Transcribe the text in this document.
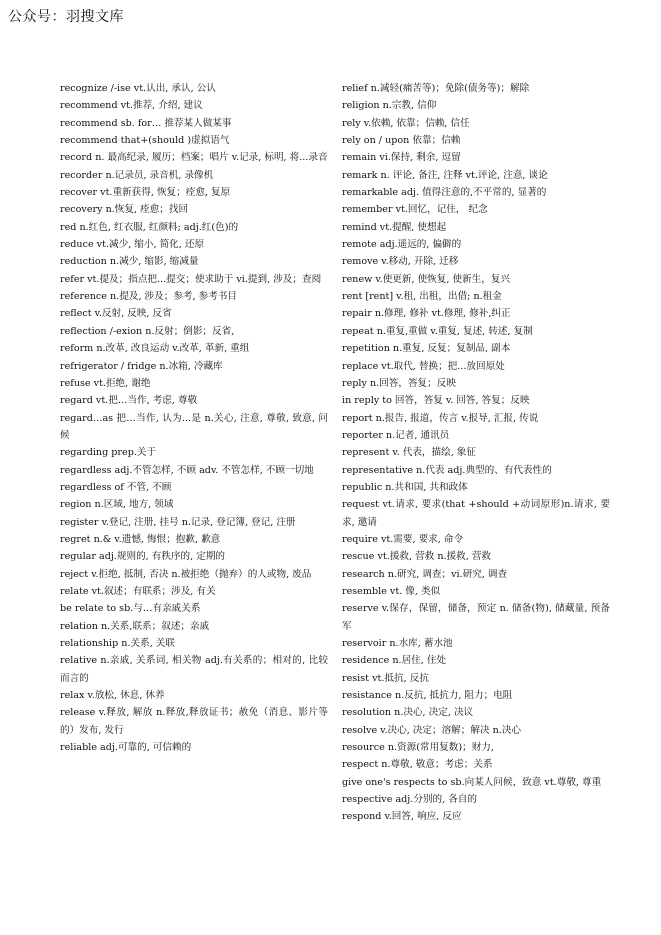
公众号：羽搜文库
recognize /-ise vt.认出, 承认, 公认
recommend vt.推荐, 介绍, 建议
recommend sb. for… 推荐某人做某事
recommend that+(should )虚拟语气
record n. 最高纪录, 履历；档案；唱片 v.记录, 标明, 将...录音
recorder n.记录员, 录音机, 录像机
recover vt.重新获得, 恢复；痊愈, 复原
recovery n.恢复, 痊愈；找回
red n.红色, 红衣服, 红颜料; adj.红(色)的
reduce vt.减少, 缩小, 简化, 还原
reduction n.减少, 缩影, 缩减量
refer vt.提及；指点把...提交；使求助于 vi.提到, 涉及；查阅
reference n.提及, 涉及；参考, 参考书目
reflect v.反射, 反映, 反省
reflection /-exion n.反射；倒影；反省,
reform n.改革, 改良运动 v.改革, 革新, 重组
refrigerator / fridge n.冰箱, 冷藏库
refuse vt.拒绝, 谢绝
regard vt.把…当作, 考虑, 尊敬
regard…as 把…当作, 认为...是 n.关心, 注意, 尊敬, 致意, 问候
regarding prep.关于
regardless adj.不管怎样, 不顾 adv. 不管怎样, 不顾一切地
regardless of 不管, 不顾
region n.区域, 地方, 领域
register v.登记, 注册, 挂号 n.记录, 登记簿, 登记, 注册
regret n.& v.遗憾, 悔恨；抱歉, 歉意
regular adj.规则的, 有秩序的, 定期的
reject v.拒绝, 抵制, 否决 n.被拒绝（抛弃）的人或物, 废品
relate vt.叙述；有联系；涉及, 有关
be relate to sb.与…有亲戚关系
relation n.关系,联系；叙述；亲戚
relationship n.关系, 关联
relative n.亲戚, 关系词, 相关物 adj.有关系的；相对的, 比较而言的
relax v.放松, 休息, 休养
release v.释放, 解放 n.释放,释放证书；赦免（消息、影片等的）发布, 发行
reliable adj.可靠的, 可信赖的
relief n.减轻(痛苦等)；免除(债务等)；解除
religion n.宗教, 信仰
rely v.依赖, 依靠；信赖, 信任
rely on / upon 依靠；信赖
remain vi.保持, 剩余, 逗留
remark n. 评论, 备注, 注释 vt.评论, 注意, 谈论
remarkable adj. 值得注意的,不平常的, 显著的
remember vt.回忆，记住， 纪念
remind vt.提醒, 使想起
remote adj.遥远的, 偏僻的
remove v.移动, 开除, 迁移
renew v.使更新, 使恢复, 使新生，复兴
rent [rent] v.租, 出租，出借; n.租金
repair n.修理, 修补 vt.修理, 修补,纠正
repeat n.重复,重做 v.重复, 复述, 转述, 复制
repetition n.重复, 反复；复制品, 副本
replace vt.取代, 替换；把...放回原处
reply n.回答，答复；反映
in reply to 回答，答复 v. 回答, 答复；反映
report n.报告, 报道，传言 v.报导, 汇报, 传说
reporter n.记者, 通讯员
represent v. 代表，描绘, 象征
representative n.代表 adj.典型的、有代表性的
republic n.共和国, 共和政体
request vt.请求, 要求(that +should +动词原形)n.请求, 要求, 邀请
require vt.需要, 要求, 命令
rescue vt.援救, 营救 n.援救, 营救
research n.研究, 调查；vi.研究, 调查
resemble vt. 像, 类似
reserve v.保存，保留，储备，预定 n. 储备(物), 储藏量, 预备军
reservoir n.水库, 蓄水池
residence n.居住, 住处
resist vt.抵抗, 反抗
resistance n.反抗, 抵抗力, 阻力；电阻
resolution n.决心, 决定, 决议
resolve v.决心, 决定；溶解；解决 n.决心
resource n.资源(常用复数)；财力,
respect n.尊敬, 敬意；考虑；关系
give one's respects to sb.向某人问候，致意 vt.尊敬, 尊重
respective adj.分别的, 各自的
respond v.回答, 响应, 反应
